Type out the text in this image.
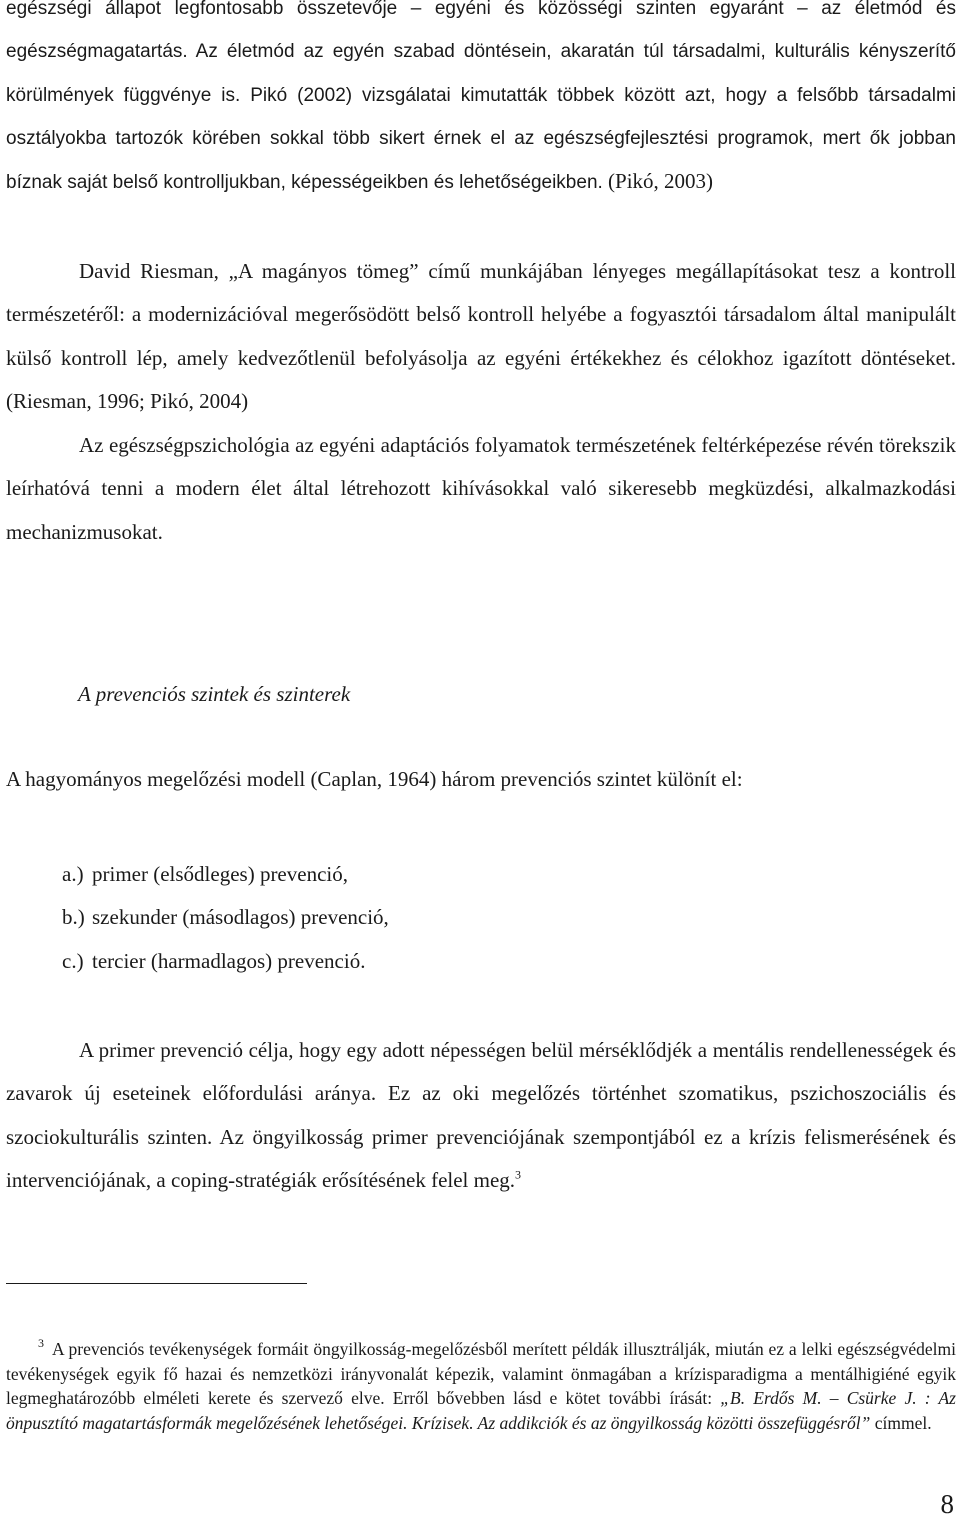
egészségi állapot legfontosabb összetevője – egyéni és közösségi szinten egyaránt – az életmód és egészségmagatartás. Az életmód az egyén szabad döntésein, akaratán túl társadalmi, kulturális kényszerítő körülmények függvénye is. Pikó (2002) vizsgálatai kimutatták többek között azt, hogy a felsőbb társadalmi osztályokba tartozók körében sokkal több sikert érnek el az egészségfejlesztési programok, mert ők jobban bíznak saját belső kontrolljukban, képességeikben és lehetőségeikben. (Pikó, 2003)

David Riesman, „A magányos tömeg” című munkájában lényeges megállapításokat tesz a kontroll természetéről: a modernizációval megerősödött belső kontroll helyébe a fogyasztói társadalom által manipulált külső kontroll lép, amely kedvezőtlenül befolyásolja az egyéni értékekhez és célokhoz igazított döntéseket. (Riesman, 1996; Pikó, 2004)

Az egészségpszichológia az egyéni adaptációs folyamatok természetének feltérképezése révén törekszik leírhatóvá tenni a modern élet által létrehozott kihívásokkal való sikeresebb megküzdési, alkalmazkodási mechanizmusokat.

A prevenciós szintek és szinterek

A hagyományos megelőzési modell (Caplan, 1964) három prevenciós szintet különít el:

a.) primer (elsődleges) prevenció,
b.) szekunder (másodlagos) prevenció,
c.) tercier (harmadlagos) prevenció.

A primer prevenció célja, hogy egy adott népességen belül mérséklődjék a mentális rendellenességek és zavarok új eseteinek előfordulási aránya. Ez az oki megelőzés történhet szomatikus, pszichoszociális és szociokulturális szinten. Az öngyilkosság primer prevenciójának szempontjából ez a krízis felismerésének és intervenciójának, a coping-stratégiák erősítésének felel meg.$^3$

$^3$ A prevenciós tevékenységek formáit öngyilkosság-megelőzésből merített példák illusztrálják, miután ez a lelki egészségvédelmi tevékenységek egyik fő hazai és nemzetközi irányvonalát képezik, valamint önmagában a krízisparadigma a mentálhigiéné egyik legmeghatározóbb elméleti kerete és szervező elve. Erről bővebben lásd e kötet további írását: „B. Erdős M. – Csürke J. : Az önpusztító magatartásformák megelőzésének lehetőségei. Krízisek. Az addikciók és az öngyilkosság közötti összefüggésről” címmel.

8
